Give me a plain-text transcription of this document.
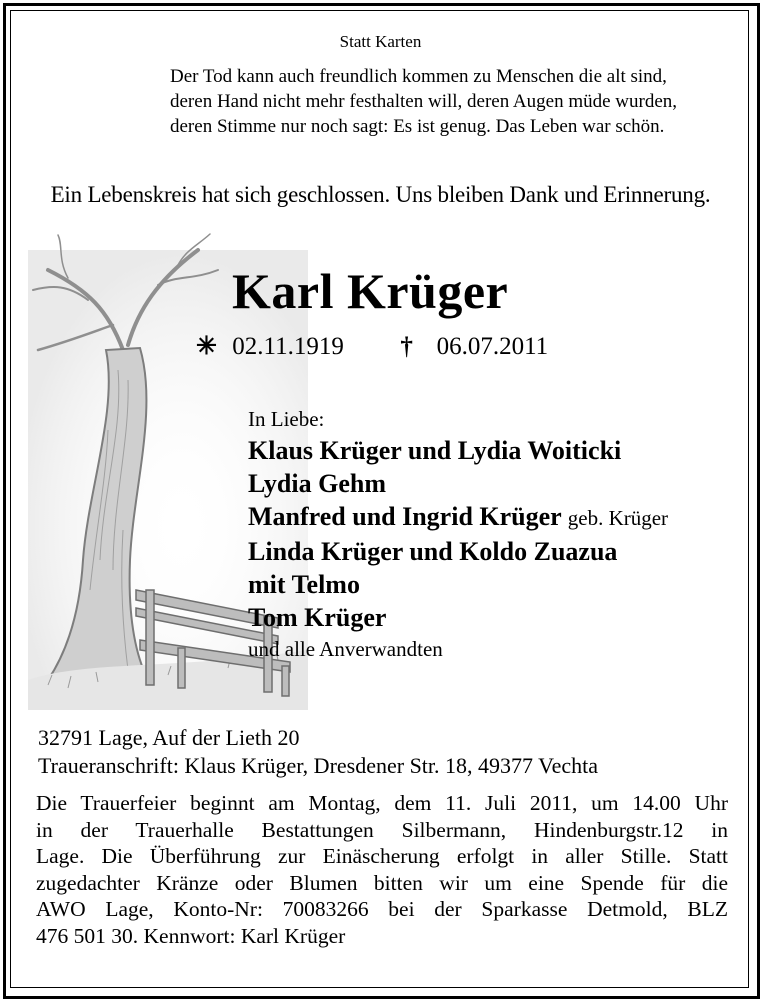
Statt Karten
Der Tod kann auch freundlich kommen zu Menschen die alt sind,
deren Hand nicht mehr festhalten will, deren Augen müde wurden,
deren Stimme nur noch sagt: Es ist genug. Das Leben war schön.
Ein Lebenskreis hat sich geschlossen. Uns bleiben Dank und Erinnerung.
Karl Krüger
✳ 02.11.1919 † 06.07.2011
In Liebe:
Klaus Krüger und Lydia Woiticki
Lydia Gehm
Manfred und Ingrid Krüger geb. Krüger
Linda Krüger und Koldo Zuazua
mit Telmo
Tom Krüger
und alle Anverwandten
32791 Lage, Auf der Lieth 20
Traueranschrift: Klaus Krüger, Dresdener Str. 18, 49377 Vechta
Die Trauerfeier beginnt am Montag, dem 11. Juli 2011, um 14.00 Uhr
in der Trauerhalle Bestattungen Silbermann, Hindenburgstr.12 in
Lage. Die Überführung zur Einäscherung erfolgt in aller Stille. Statt
zugedachter Kränze oder Blumen bitten wir um eine Spende für die
AWO Lage, Konto-Nr: 70083266 bei der Sparkasse Detmold, BLZ
476 501 30. Kennwort: Karl Krüger
